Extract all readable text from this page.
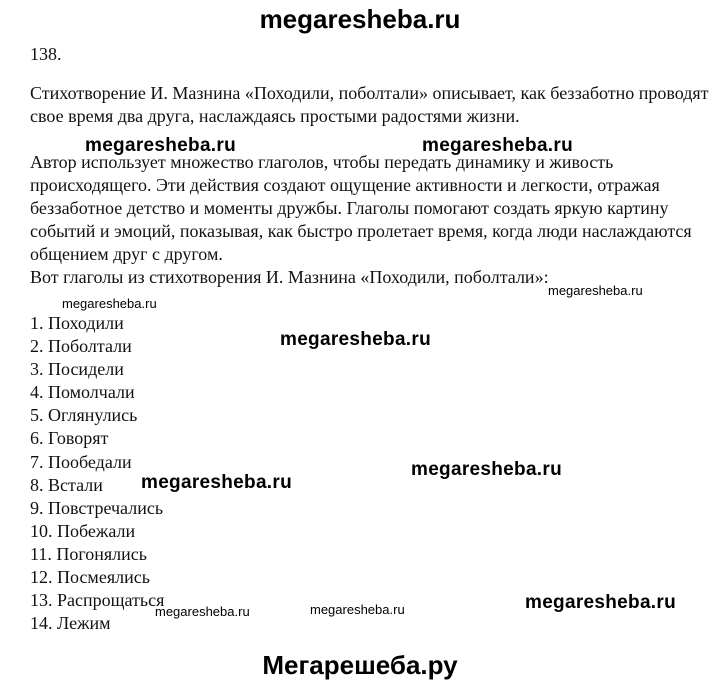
megaresheba.ru
138.

Стихотворение И. Мазнина «Походили, поболтали» описывает, как беззаботно проводят свое время два друга, наслаждаясь простыми радостями жизни.

Автор использует множество глаголов, чтобы передать динамику и живость происходящего. Эти действия создают ощущение активности и легкости, отражая беззаботное детство и моменты дружбы. Глаголы помогают создать яркую картину событий и эмоций, показывая, как быстро пролетает время, когда люди наслаждаются общением друг с другом.

Вот глаголы из стихотворения И. Мазнина «Походили, поболтали»:

1. Походили
2. Поболтали
3. Посидели
4. Помолчали
5. Оглянулись
6. Говорят
7. Пообедали
8. Встали
9. Повстречались
10. Побежали
11. Погонялись
12. Посмеялись
13. Распрощаться
14. Лежим
megaresheba.ru	megaresheba.ru
megaresheba.ru
megaresheba.ru
megaresheba.ru
megaresheba.ru
megaresheba.ru
megaresheba.ru
megaresheba.ru	megaresheba.ru
Мегарешеба.ру
